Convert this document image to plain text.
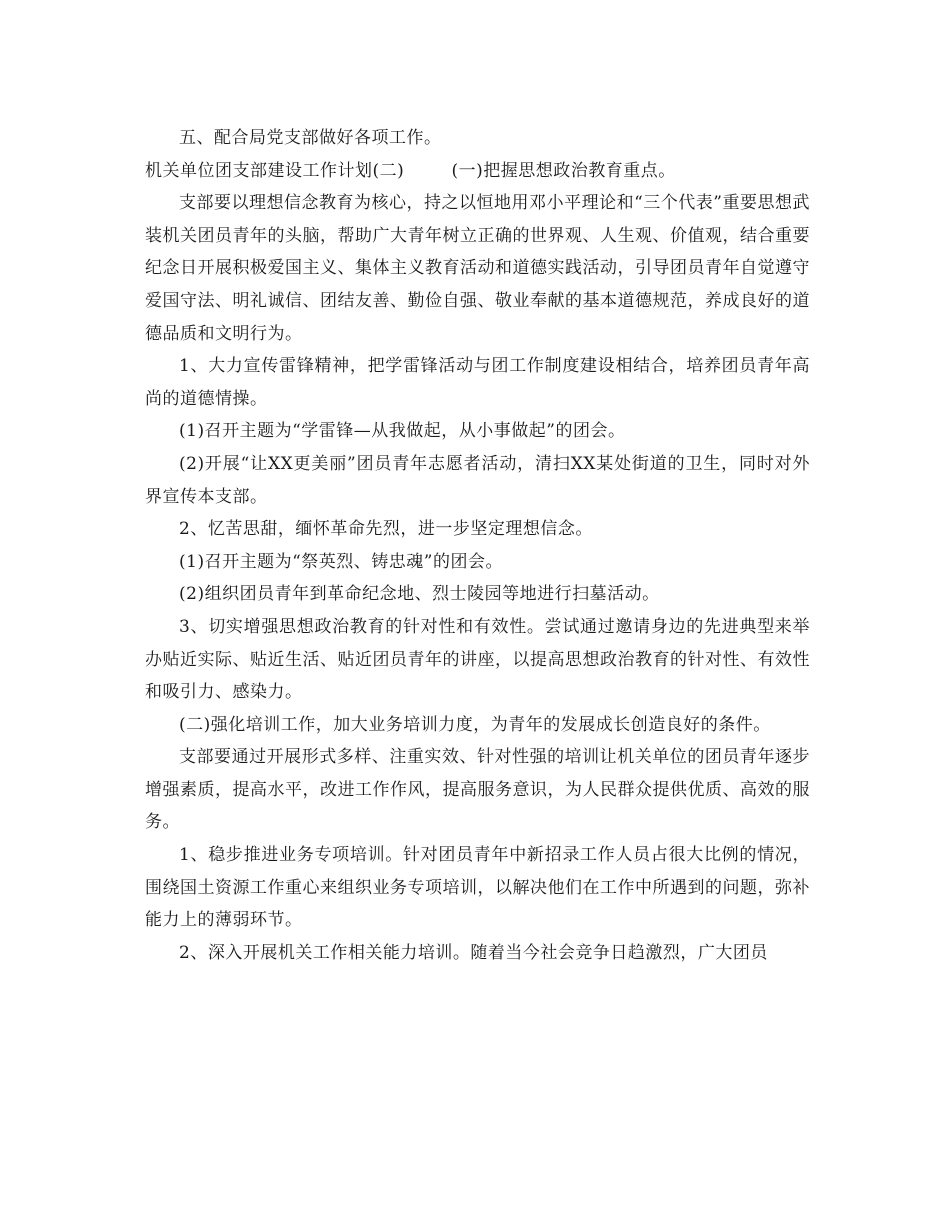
五、配合局党支部做好各项工作。

机关单位团支部建设工作计划(二)        (一)把握思想政治教育重点。

支部要以理想信念教育为核心，持之以恒地用邓小平理论和“三个代表”重要思想武装机关团员青年的头脑，帮助广大青年树立正确的世界观、人生观、价值观，结合重要纪念日开展积极爱国主义、集体主义教育活动和道德实践活动，引导团员青年自觉遵守爱国守法、明礼诚信、团结友善、勤俭自强、敬业奉献的基本道德规范，养成良好的道德品质和文明行为。

1、大力宣传雷锋精神，把学雷锋活动与团工作制度建设相结合，培养团员青年高尚的道德情操。

(1)召开主题为“学雷锋—从我做起，从小事做起”的团会。

(2)开展“让XX更美丽”团员青年志愿者活动，清扫XX某处街道的卫生，同时对外界宣传本支部。

2、忆苦思甜，缅怀革命先烈，进一步坚定理想信念。

(1)召开主题为“祭英烈、铸忠魂”的团会。

(2)组织团员青年到革命纪念地、烈士陵园等地进行扫墓活动。

3、切实增强思想政治教育的针对性和有效性。尝试通过邀请身边的先进典型来举办贴近实际、贴近生活、贴近团员青年的讲座，以提高思想政治教育的针对性、有效性和吸引力、感染力。

(二)强化培训工作，加大业务培训力度，为青年的发展成长创造良好的条件。

支部要通过开展形式多样、注重实效、针对性强的培训让机关单位的团员青年逐步增强素质，提高水平，改进工作作风，提高服务意识，为人民群众提供优质、高效的服务。

1、稳步推进业务专项培训。针对团员青年中新招录工作人员占很大比例的情况，围绕国土资源工作重心来组织业务专项培训，以解决他们在工作中所遇到的问题，弥补能力上的薄弱环节。

2、深入开展机关工作相关能力培训。随着当今社会竞争日趋激烈，广大团员
